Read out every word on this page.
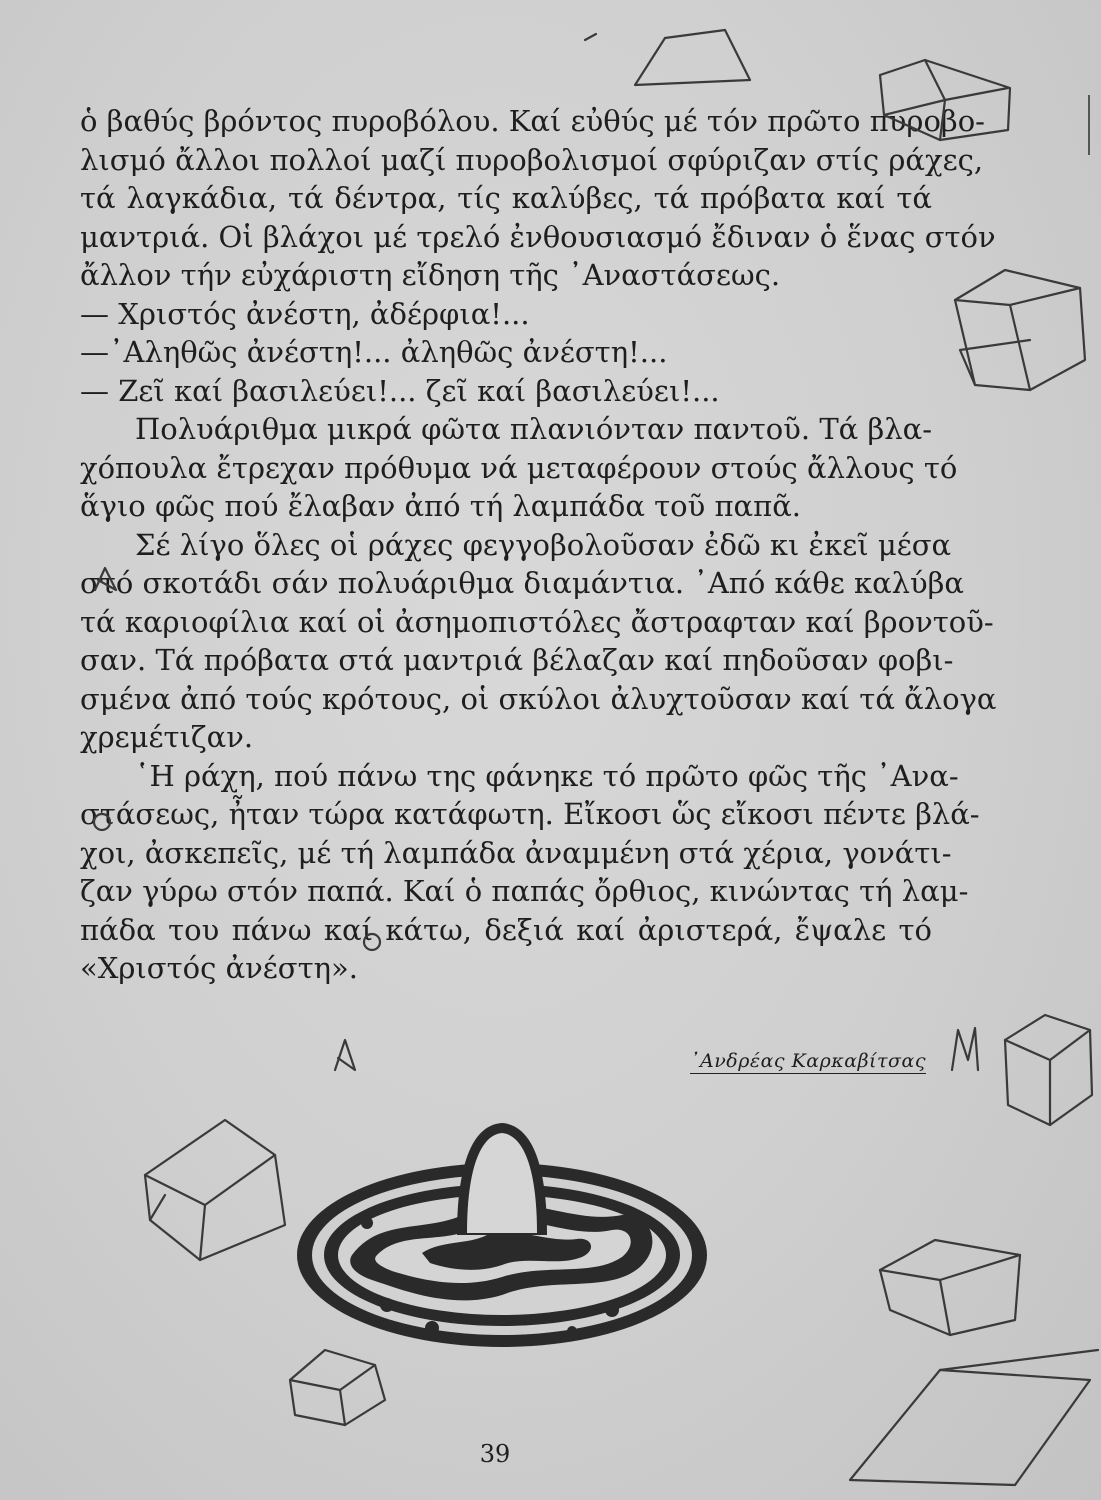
ὁ βαθύς βρόντος πυροβόλου. Καί εὐθύς μέ τόν πρῶτο πυροβο-
λισμό ἄλλοι πολλοί μαζί πυροβολισμοί σφύριζαν στίς ράχες,
τά λαγκάδια, τά δέντρα, τίς καλύβες, τά πρόβατα καί τά
μαντριά. Οἱ βλάχοι μέ τρελό ἐνθουσιασμό ἔδιναν ὁ ἕνας στόν
ἄλλον τήν εὐχάριστη εἴδηση τῆς ᾿Αναστάσεως.
— Χριστός ἀνέστη, ἀδέρφια!...
—᾿Αληθῶς ἀνέστη!... ἀληθῶς ἀνέστη!...
— Ζεῖ καί βασιλεύει!... ζεῖ καί βασιλεύει!...
Πολυάριθμα μικρά φῶτα πλανιόνταν παντοῦ. Τά βλα-
χόπουλα ἔτρεχαν πρόθυμα νά μεταφέρουν στούς ἄλλους τό
ἅγιο φῶς πού ἔλαβαν ἀπό τή λαμπάδα τοῦ παπᾶ.
Σέ λίγο ὅλες οἱ ράχες φεγγοβολοῦσαν ἐδῶ κι ἐκεῖ μέσα
στό σκοτάδι σάν πολυάριθμα διαμάντια. ᾿Από κάθε καλύβα
τά καριοφίλια καί οἱ ἀσημοπιστόλες ἄστραφταν καί βροντοῦ-
σαν. Τά πρόβατα στά μαντριά βέλαζαν καί πηδοῦσαν φοβι-
σμένα ἀπό τούς κρότους, οἱ σκύλοι ἀλυχτοῦσαν καί τά ἄλογα
χρεμέτιζαν.
῾Η ράχη, πού πάνω της φάνηκε τό πρῶτο φῶς τῆς ᾿Ανα-
στάσεως, ἦταν τώρα κατάφωτη. Εἴκοσι ὥς εἴκοσι πέντε βλά-
χοι, ἀσκεπεῖς, μέ τή λαμπάδα ἀναμμένη στά χέρια, γονάτι-
ζαν γύρω στόν παπά. Καί ὁ παπάς ὄρθιος, κινώντας τή λαμ-
πάδα του πάνω καί κάτω, δεξιά καί ἀριστερά, ἔψαλε τό
«Χριστός ἀνέστη».
᾿Ανδρέας Καρκαβίτσας
39
